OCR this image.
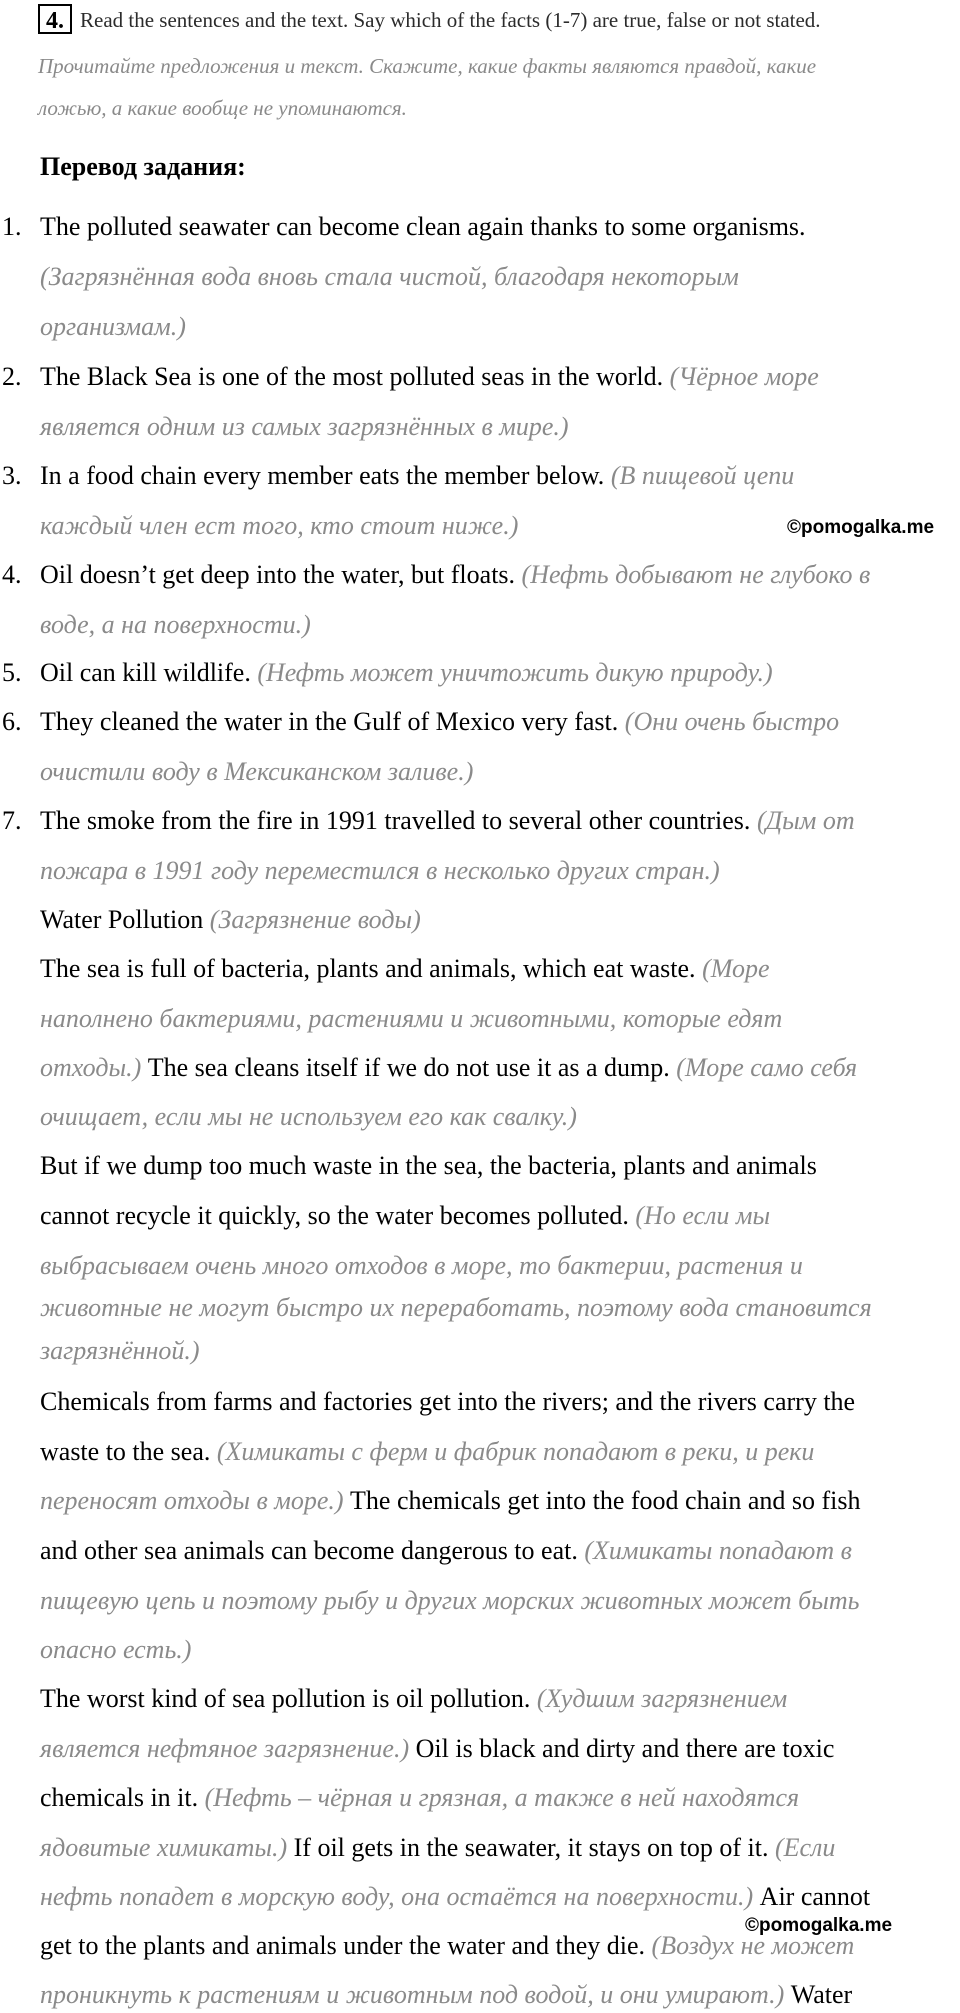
4. Read the sentences and the text. Say which of the facts (1-7) are true, false or not stated.
Прочитайте предложения и текст. Скажите, какие факты являются правдой, какие
ложью, а какие вообще не упоминаются.
Перевод задания:
1. The polluted seawater can become clean again thanks to some organisms.
(Загрязнённая вода вновь стала чистой, благодаря некоторым
организмам.)
2. The Black Sea is one of the most polluted seas in the world. (Чёрное море
является одним из самых загрязнённых в мире.)
3. In a food chain every member eats the member below. (В пищевой цепи
каждый член ест того, кто стоит ниже.)	©pomogalka.me
4. Oil doesn’t get deep into the water, but floats. (Нефть добывают не глубоко в
воде, а на поверхности.)
5. Oil can kill wildlife. (Нефть может уничтожить дикую природу.)
6. They cleaned the water in the Gulf of Mexico very fast. (Они очень быстро
очистили воду в Мексиканском заливе.)
7. The smoke from the fire in 1991 travelled to several other countries. (Дым от
пожара в 1991 году переместился в несколько других стран.)
Water Pollution (Загрязнение воды)
The sea is full of bacteria, plants and animals, which eat waste. (Море
наполнено бактериями, растениями и животными, которые едят
отходы.) The sea cleans itself if we do not use it as a dump. (Море само себя
очищает, если мы не используем его как свалку.)
But if we dump too much waste in the sea, the bacteria, plants and animals
cannot recycle it quickly, so the water becomes polluted. (Но если мы
выбрасываем очень много отходов в море, то бактерии, растения и
животные не могут быстро их переработать, поэтому вода становится
загрязнённой.)
Chemicals from farms and factories get into the rivers; and the rivers carry the
waste to the sea. (Химикаты с ферм и фабрик попадают в реки, и реки
переносят отходы в море.) The chemicals get into the food chain and so fish
and other sea animals can become dangerous to eat. (Химикаты попадают в
пищевую цепь и поэтому рыбу и других морских животных может быть
опасно есть.)
The worst kind of sea pollution is oil pollution. (Худшим загрязнением
является нефтяное загрязнение.) Oil is black and dirty and there are toxic
chemicals in it. (Нефть – чёрная и грязная, а также в ней находятся
ядовитые химикаты.) If oil gets in the seawater, it stays on top of it. (Если
нефть попадет в морскую воду, она остаётся на поверхности.) Air cannot
©pomogalka.me
get to the plants and animals under the water and they die. (Воздух не может
проникнуть к растениям и животным под водой, и они умирают.) Water
